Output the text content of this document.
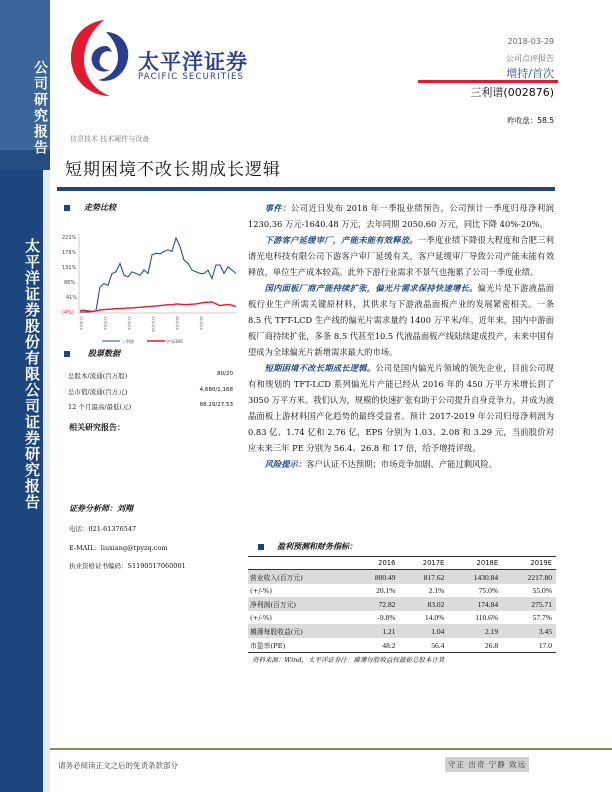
公司研究报告
太平洋证券股份有限公司证券研究报告
太平洋证券
PACIFIC SECURITIES
2018-03-29
公司点评报告
增持/首次
三利谱(002876)
昨收盘：58.5
信息技术 技术硬件与设备
短期困境不改长期成长逻辑
走势比较
221%
176%
131%
86%
41%
(4%)
17/5/25	17/7/25	17/9/25	17/11/25	18/1/25	18/3/25
三利谱	沪深300
股票数据
总股本/流通(百万股)	80/20
总市值/流通(百万元)	4,680/1,168
12 个月最高/最低(元)	88.29/27.53
相关研究报告：
证券分析师：刘翔
电话：021-61376547
E-MAIL：liuxiang@tpyzq.com
执业资格证书编码：S1190517060001

事件：公司近日发布 2018 年一季报业绩预告，公司预计一季度归母净利润1230.36 万元-1640.48 万元，去年同期 2050.60 万元，同比下降 40%-20%。

下游客户延缓审厂，产能未能有效释放。一季度业绩下降很大程度和合肥三利谱光电科技有限公司下游客户审厂延缓有关，客户延缓审厂导致公司产能未能有效释放，单位生产成本较高。此外下游行业需求不景气也拖累了公司一季度业绩。

国内面板厂商产能持续扩张，偏光片需求保持快速增长。偏光片是下游液晶面板行业生产所需关键原材料，其供求与下游液晶面板产业的发展紧密相关。一条 8.5 代 TFT-LCD 生产线的偏光片需求量约 1400 万平米/年。近年来，国内中游面板厂商持续扩张，多条 8.5 代甚至10.5 代液晶面板产线陆续建成投产，未来中国有望成为全球偏光片新增需求最大的市场。

短期困境不改长期成长逻辑。公司是国内偏光片领域的领先企业，目前公司现有和规划的 TFT-LCD 系列偏光片产能已经从 2016 年的 450 万平方米增长到了 3050 万平方米。我们认为，规模的快速扩张有助于公司提升自身竞争力，并成为液晶面板上游材料国产化趋势的最终受益者。预计 2017-2019 年公司归母净利润为 0.83 亿、1.74 亿和 2.76 亿，EPS 分别为 1.03、2.08 和 3.29 元，当前股价对应未来三年 PE 分别为 56.4、26.8 和 17 倍，给予增持评级。

风险提示：客户认证不达预期；市场竞争加剧、产能过剩风险。

盈利预测和财务指标：
	2016	2017E	2018E	2019E
营业收入(百万元)	800.49	817.62	1430.84	2217.80
(+/-%)	20.1%	2.1%	75.0%	55.0%
净利润(百万元)	72.82	83.02	174.84	275.71
(+/-%)	-9.8%	14.0%	110.6%	57.7%
摊薄每股收益(元)	1.21	1.04	2.19	3.45
市盈率(PE)	48.2	56.4	26.8	17.0
资料来源：Wind，太平洋证券注：摊薄每股收益按最新总股本计算
请务必阅读正文之后的免责条款部分	守正 出奇 宁静 致远
